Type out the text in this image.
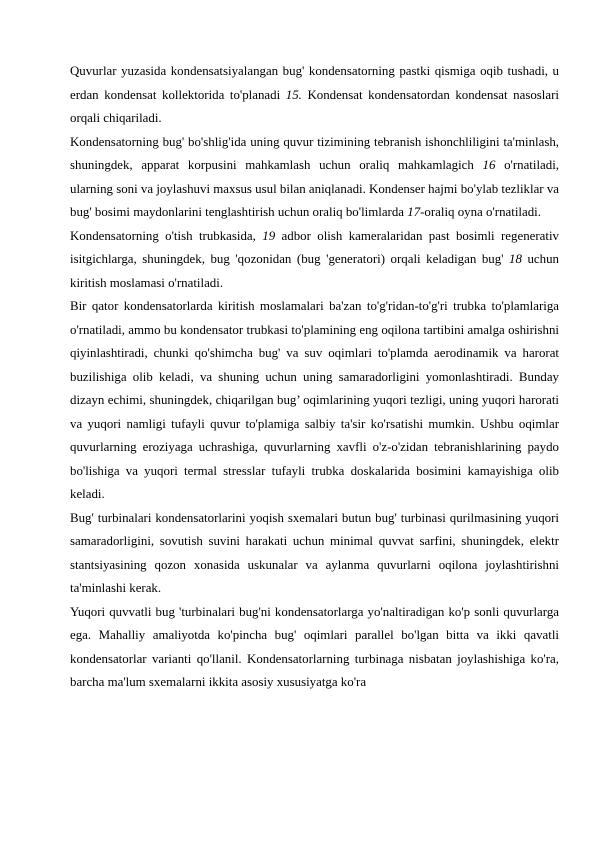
Quvurlar yuzasida kondensatsiyalangan bug' kondensatorning pastki qismiga oqib tushadi, u erdan kondensat kollektorida to'planadi 15. Kondensat kondensatordan kondensat nasoslari orqali chiqariladi.

Kondensatorning bug' bo'shlig'ida uning quvur tizimining tebranish ishonchliligini ta'minlash, shuningdek, apparat korpusini mahkamlash uchun oraliq mahkamlagich 16 o'rnatiladi, ularning soni va joylashuvi maxsus usul bilan aniqlanadi. Kondenser hajmi bo'ylab tezliklar va bug' bosimi maydonlarini tenglashtirish uchun oraliq bo'limlarda 17-oraliq oyna o'rnatiladi.

Kondensatorning o'tish trubkasida, 19 adbor olish kameralaridan past bosimli regenerativ isitgichlarga, shuningdek, bug 'qozonidan (bug 'generatori) orqali keladigan bug' 18 uchun kiritish moslamasi o'rnatiladi.

Bir qator kondensatorlarda kiritish moslamalari ba'zan to'g'ridan-to'g'ri trubka to'plamlariga o'rnatiladi, ammo bu kondensator trubkasi to'plamining eng oqilona tartibini amalga oshirishni qiyinlashtiradi, chunki qo'shimcha bug' va suv oqimlari to'plamda aerodinamik va harorat buzilishiga olib keladi, va shuning uchun uning samaradorligini yomonlashtiradi. Bunday dizayn echimi, shuningdek, chiqarilgan bug’ oqimlarining yuqori tezligi, uning yuqori harorati va yuqori namligi tufayli quvur to'plamiga salbiy ta'sir ko'rsatishi mumkin. Ushbu oqimlar quvurlarning eroziyaga uchrashiga, quvurlarning xavfli o'z-o'zidan tebranishlarining paydo bo'lishiga va yuqori termal stresslar tufayli trubka doskalarida bosimini kamayishiga olib keladi.

Bug' turbinalari kondensatorlarini yoqish sxemalari butun bug' turbinasi qurilmasining yuqori samaradorligini, sovutish suvini harakati uchun minimal quvvat sarfini, shuningdek, elektr stantsiyasining qozon xonasida uskunalar va aylanma quvurlarni oqilona joylashtirishni ta'minlashi kerak.

Yuqori quvvatli bug 'turbinalari bug'ni kondensatorlarga yo'naltiradigan ko'p sonli quvurlarga ega. Mahalliy amaliyotda ko'pincha bug' oqimlari parallel bo'lgan bitta va ikki qavatli kondensatorlar varianti qo'llanil. Kondensatorlarning turbinaga nisbatan joylashishiga ko'ra, barcha ma'lum sxemalarni ikkita asosiy xususiyatga ko'ra
